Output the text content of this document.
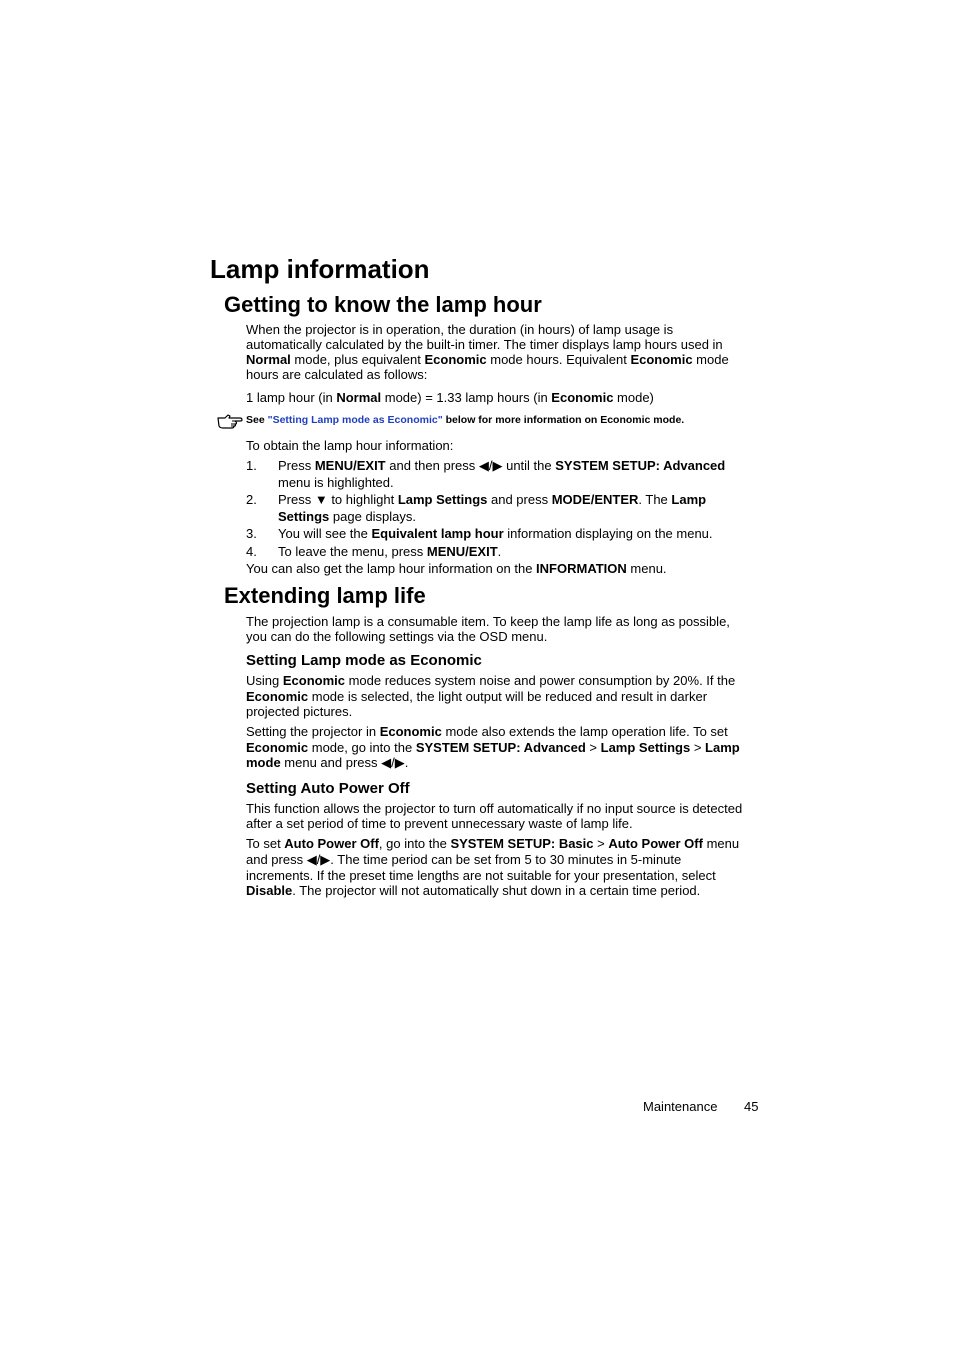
Lamp information
Getting to know the lamp hour

When the projector is in operation, the duration (in hours) of lamp usage is automatically calculated by the built-in timer. The timer displays lamp hours used in Normal mode, plus equivalent Economic mode hours. Equivalent Economic mode hours are calculated as follows:

1 lamp hour (in Normal mode) = 1.33 lamp hours (in Economic mode)

See "Setting Lamp mode as Economic" below for more information on Economic mode.

To obtain the lamp hour information:

1. Press MENU/EXIT and then press ◀/▶ until the SYSTEM SETUP: Advanced menu is highlighted.
2. Press ▼ to highlight Lamp Settings and press MODE/ENTER. The Lamp Settings page displays.
3. You will see the Equivalent lamp hour information displaying on the menu.
4. To leave the menu, press MENU/EXIT.

You can also get the lamp hour information on the INFORMATION menu.

Extending lamp life

The projection lamp is a consumable item. To keep the lamp life as long as possible, you can do the following settings via the OSD menu.

Setting Lamp mode as Economic

Using Economic mode reduces system noise and power consumption by 20%. If the Economic mode is selected, the light output will be reduced and result in darker projected pictures.

Setting the projector in Economic mode also extends the lamp operation life. To set Economic mode, go into the SYSTEM SETUP: Advanced > Lamp Settings > Lamp mode menu and press ◀/▶.

Setting Auto Power Off

This function allows the projector to turn off automatically if no input source is detected after a set period of time to prevent unnecessary waste of lamp life.

To set Auto Power Off, go into the SYSTEM SETUP: Basic > Auto Power Off menu and press ◀/▶. The time period can be set from 5 to 30 minutes in 5-minute increments. If the preset time lengths are not suitable for your presentation, select Disable. The projector will not automatically shut down in a certain time period.

Maintenance 45
